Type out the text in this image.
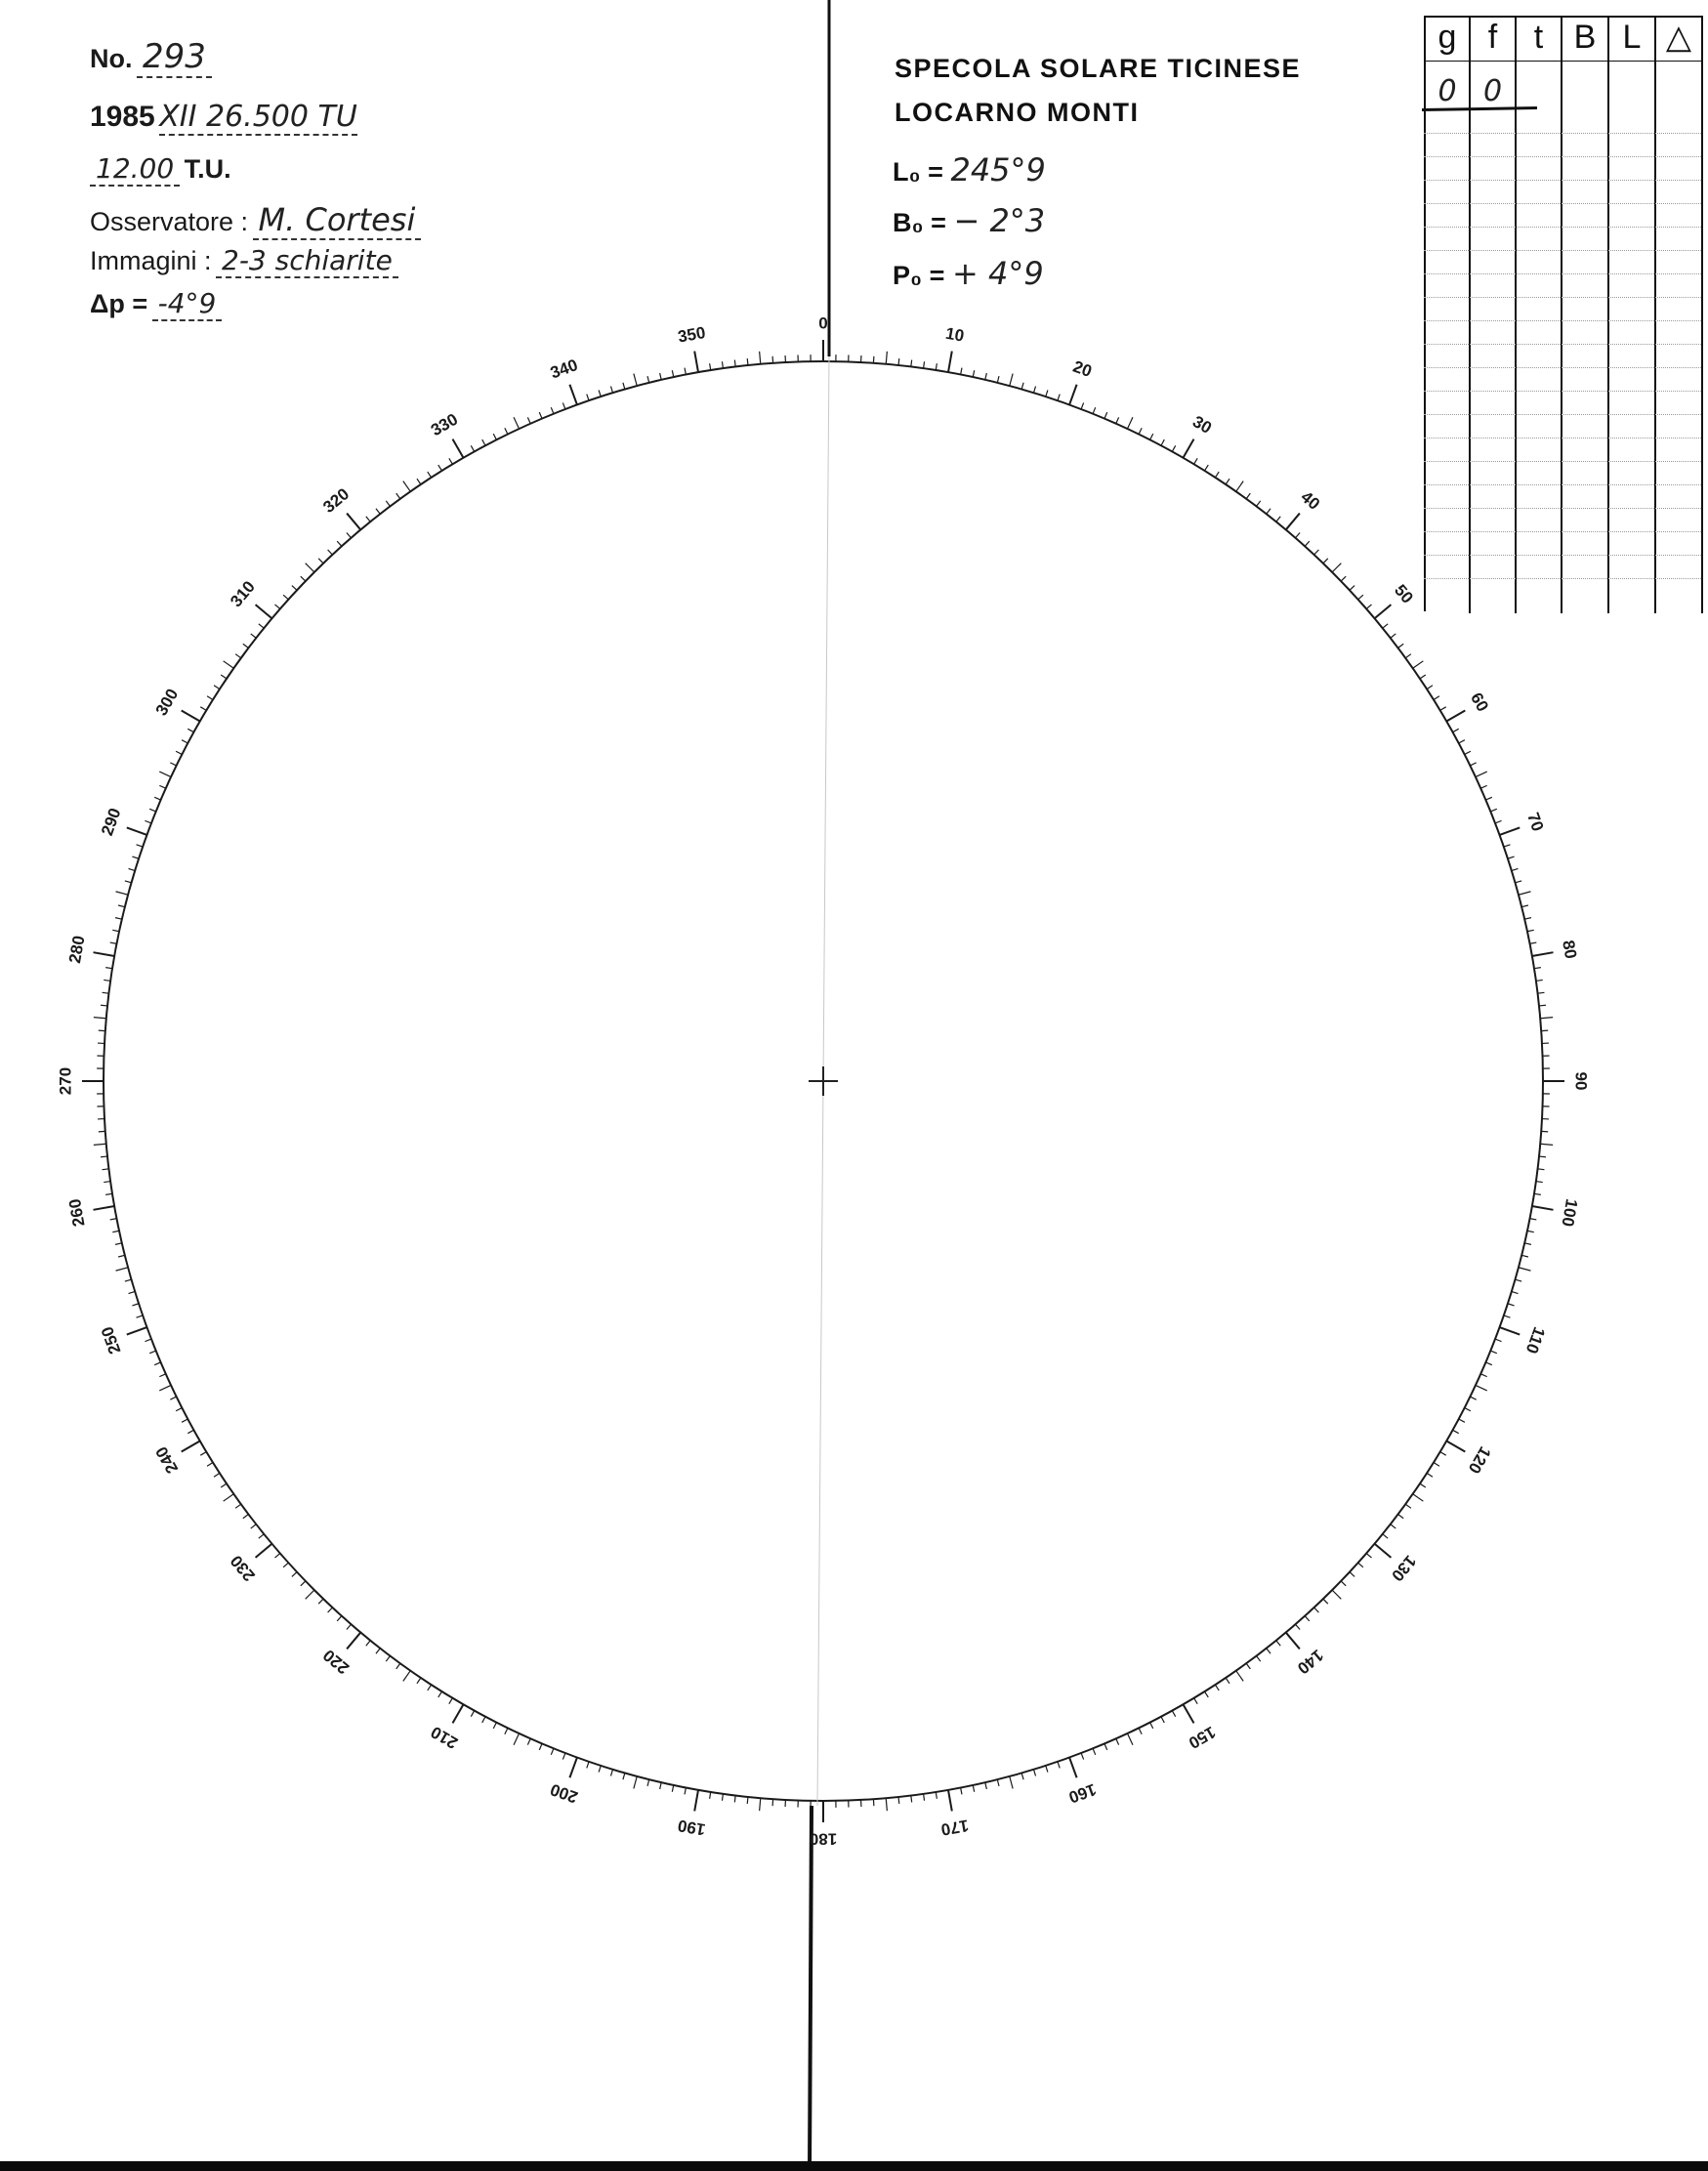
No. 293
1985 XII 26.500 TU
12.00 T.U.
Osservatore : M. Cortesi
Immagini : 2-3 schiarite
Δp = -4°9
SPECOLA SOLARE TICINESE
LOCARNO MONTI
L₀ = 245°9
B₀ = − 2°3
P₀ = + 4°9
g f	t B L △
0 0
0
10
20
30
40
50
60
70
80
90
100
110
120
130
140
150
160
170
180
190
200
210
220
230
240
250
260
270
280
290
300
310
320
330
340
350
